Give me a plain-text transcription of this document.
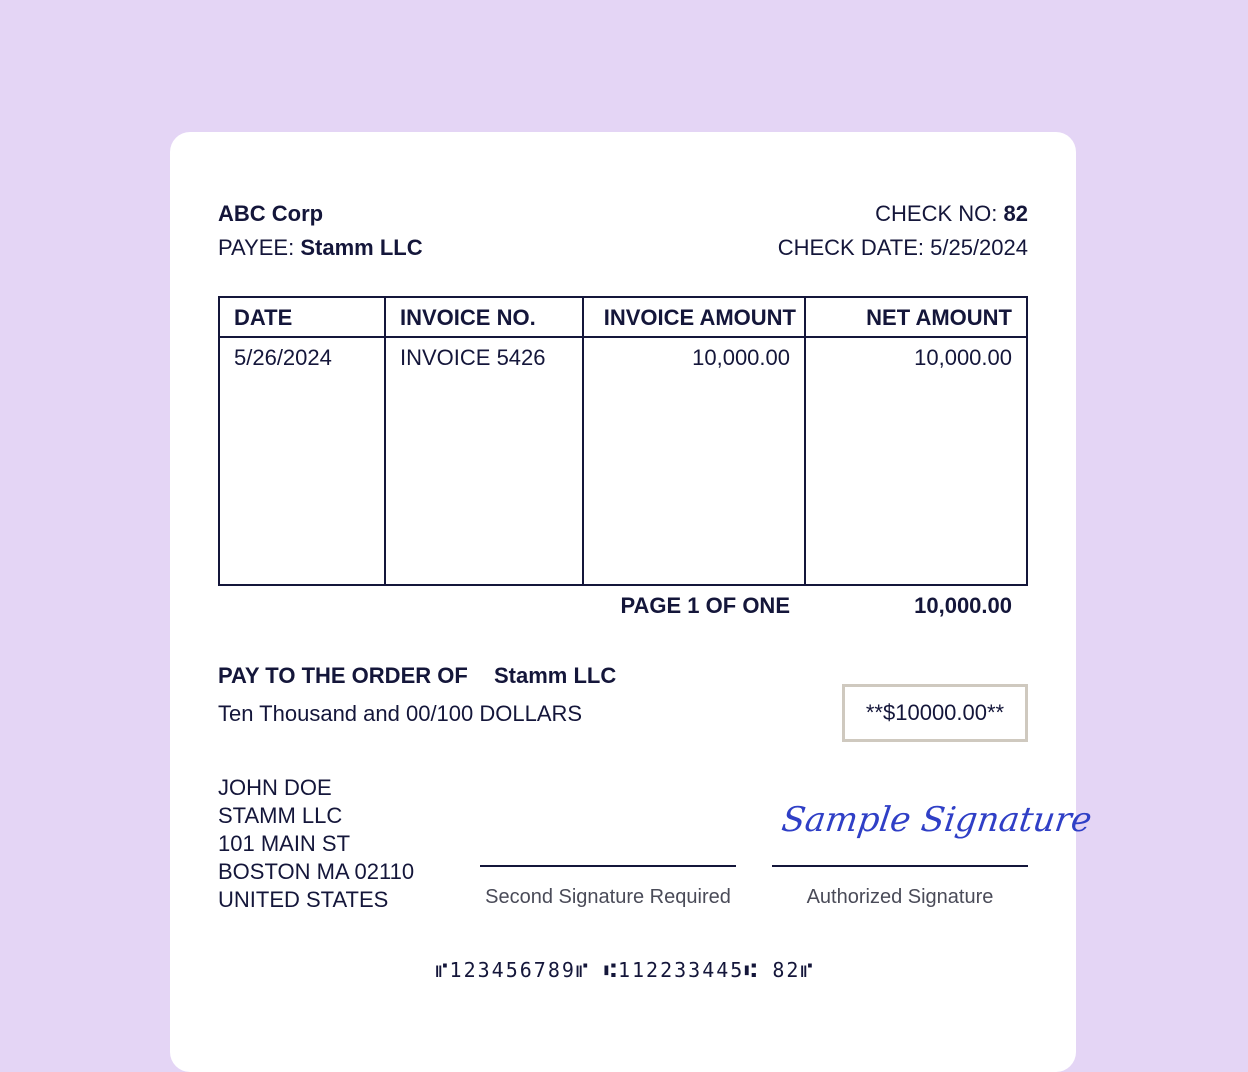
ABC Corp
PAYEE: Stamm LLC
CHECK NO: 82
CHECK DATE: 5/25/2024
DATE	INVOICE NO.	INVOICE AMOUNT	NET AMOUNT
5/26/2024	INVOICE 5426	10,000.00	10,000.00
PAGE 1 OF ONE	10,000.00
PAY TO THE ORDER OF Stamm LLC
Ten Thousand and 00/100 DOLLARS	**$10000.00**
JOHN DOE
STAMM LLC
101 MAIN ST
BOSTON MA 02110
UNITED STATES	Second Signature Required
Sample Signature
Authorized Signature
⑈123456789⑈ ⑆112233445⑆ 82⑈
